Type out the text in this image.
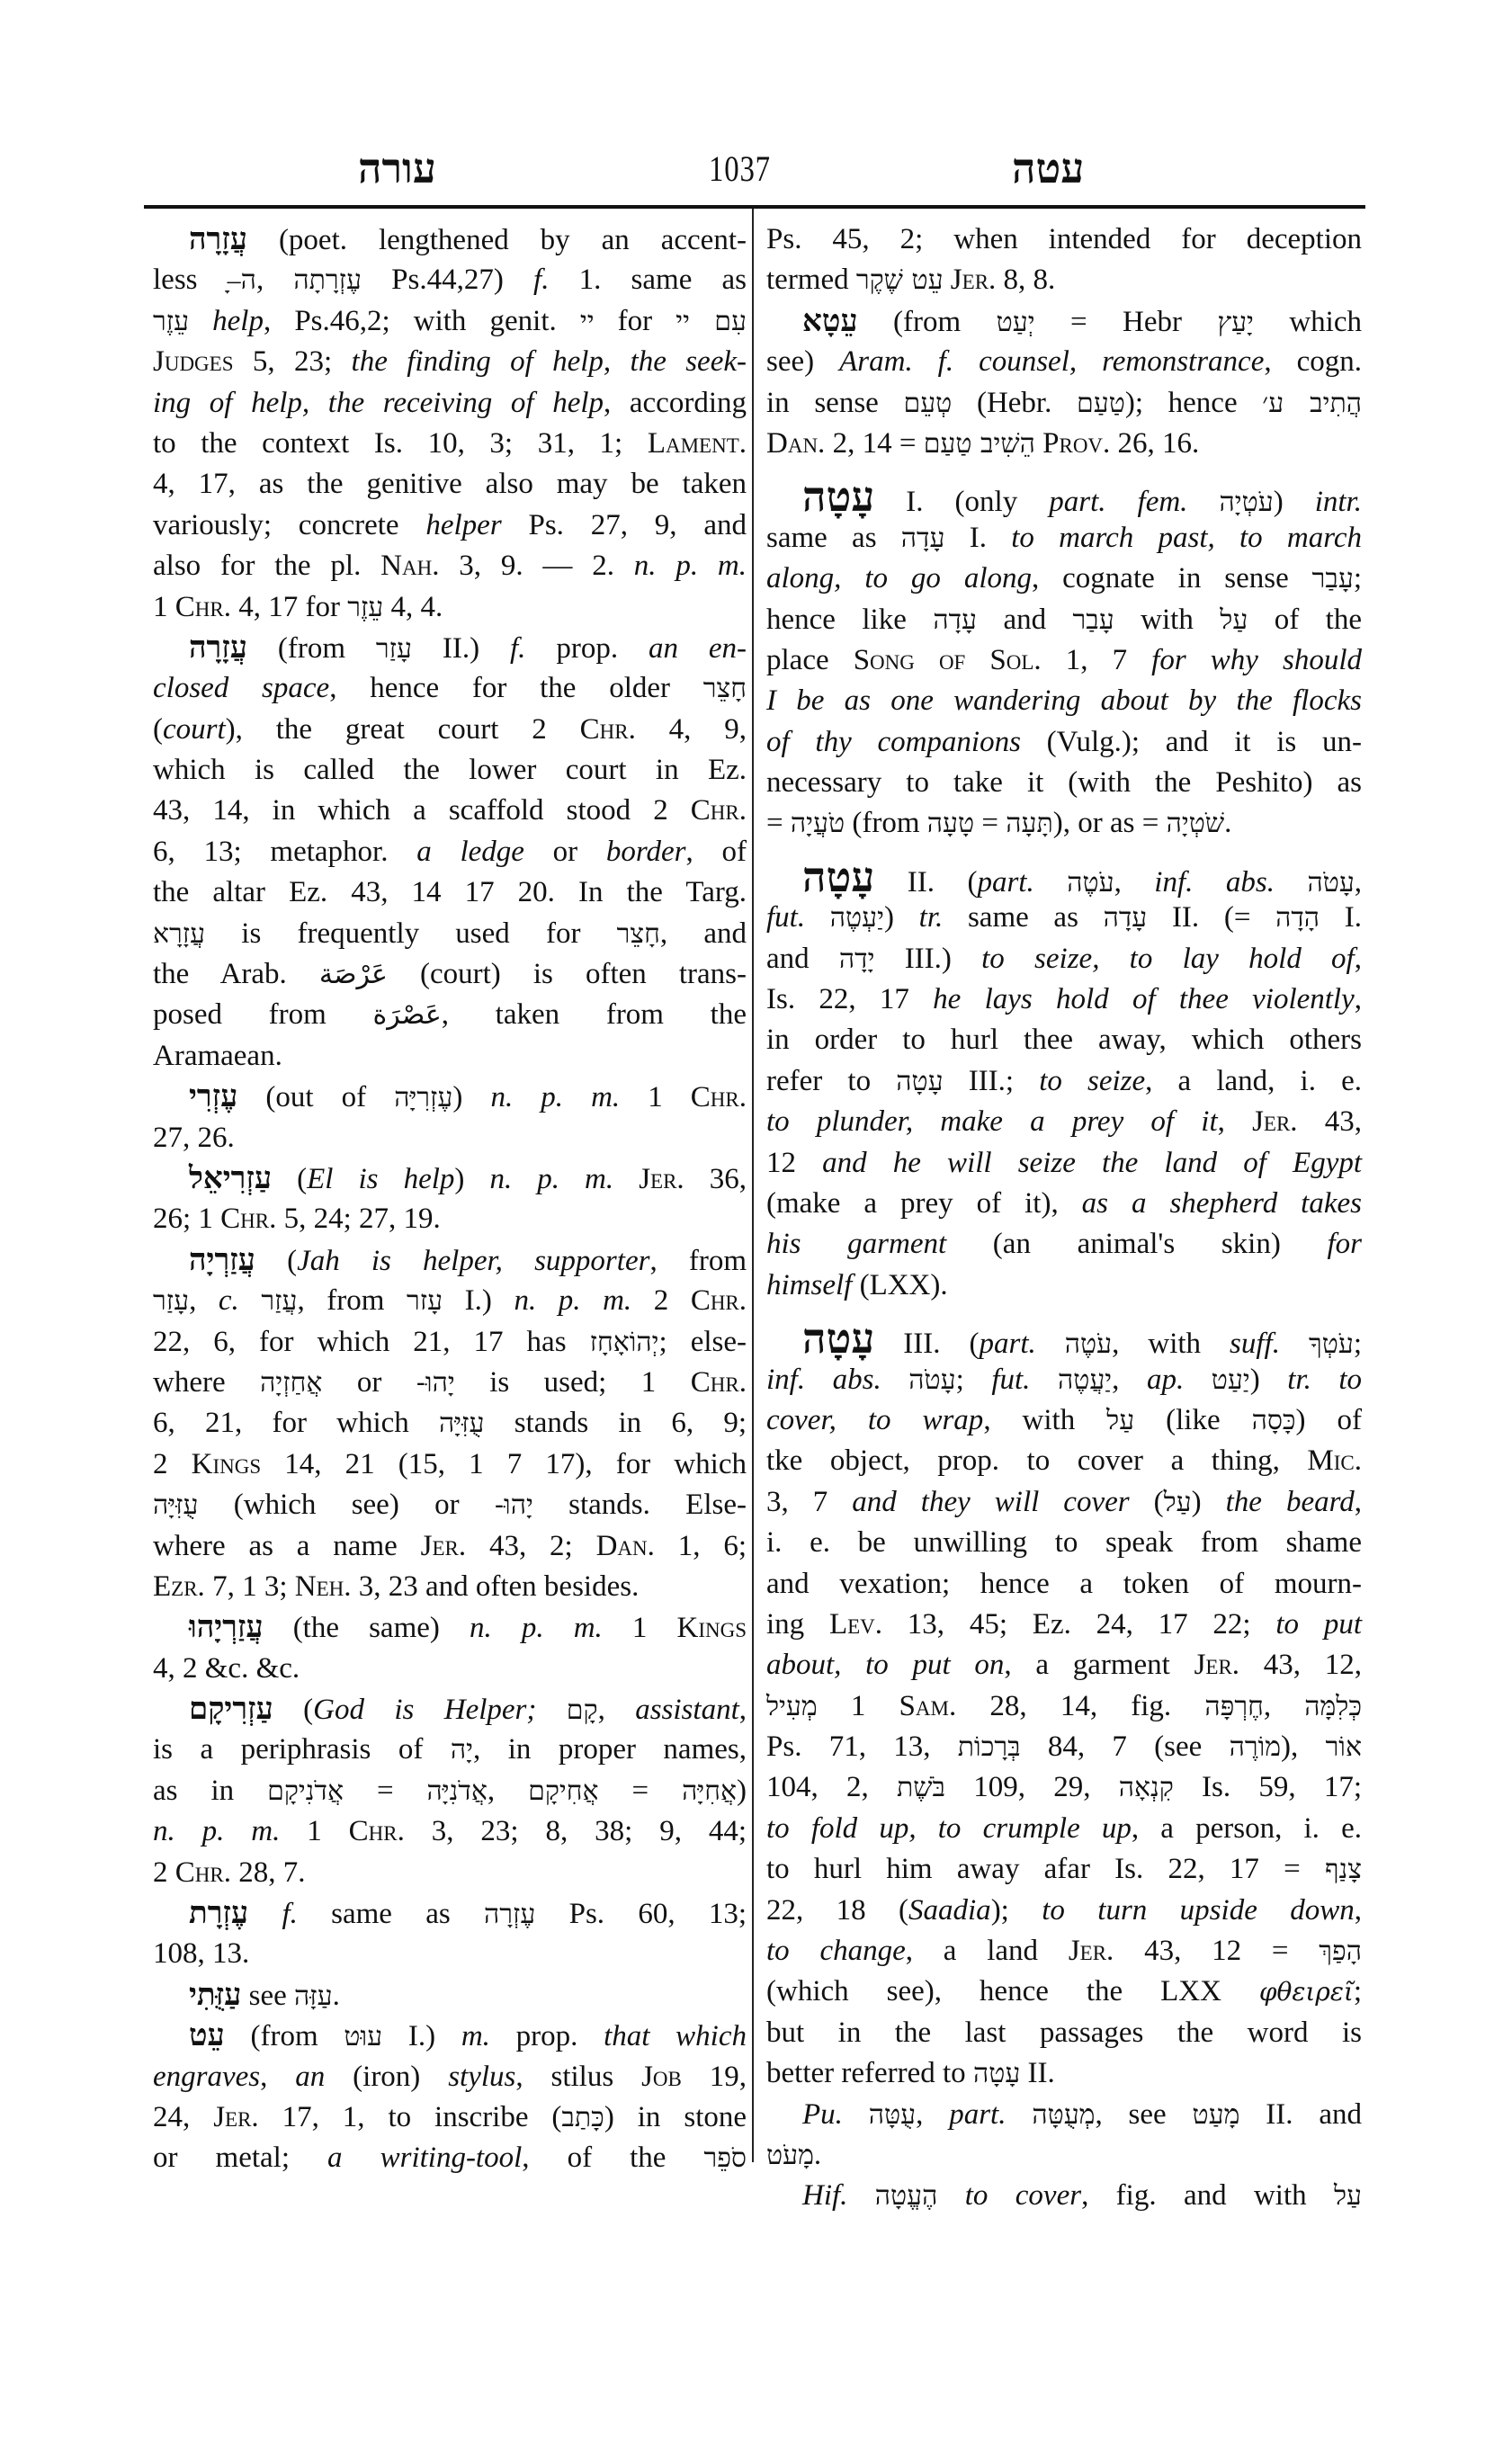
עורה	1037	עטה
עֲזָרָה (poet. lengthened by an accent-
less ה–ָ, עֶזְרָתָה Ps.44,27) f. 1. same as
עֵזֶר help, Ps.46,2; with genit. יי for עִם יי
Judges 5, 23; the finding of help, the seek-
ing of help, the receiving of help, according
to the context Is. 10, 3; 31, 1; Lament.
4, 17, as the genitive also may be taken
variously; concrete helper Ps. 27, 9, and
also for the pl. Nah. 3, 9. — 2. n. p. m.
1 Chr. 4, 17 for עֵזֶר 4, 4.
עֲזָרָה (from עָזַר II.) f. prop. an en-
closed space, hence for the older חָצֵר
(court), the great court 2 Chr. 4, 9,
which is called the lower court in Ez.
43, 14, in which a scaffold stood 2 Chr.
6, 13; metaphor. a ledge or border, of
the altar Ez. 43, 14 17 20. In the Targ.
עֲזָרָא is frequently used for חָצֵר, and
the Arab. عَرْصَة (court) is often trans-
posed from عَصْرَة, taken from the
Aramaean.
עֶזְרִי (out of עֶזְרִיָּה) n. p. m. 1 Chr.
27, 26.
עַזְרִיאֵל (El is help) n. p. m. Jer. 36,
26; 1 Chr. 5, 24; 27, 19.
עֲזַרְיָה (Jah is helper, supporter, from
עָזַר, c. עֲזַר, from עָזר I.) n. p. m. 2 Chr.
22, 6, for which 21, 17 has יְהוֹאָחָז; else-
where אֲחַזְיָה or יָהוּ- is used; 1 Chr.
6, 21, for which עֻזִּיָּה stands in 6, 9;
2 Kings 14, 21 (15, 1 7 17), for which
עֻזִּיָּה (which see) or יָהוּ- stands. Else-
where as a name Jer. 43, 2; Dan. 1, 6;
Ezr. 7, 1 3; Neh. 3, 23 and often besides.
עֲזַרְיָהוּ (the same) n. p. m. 1 Kings
4, 2 &c. &c.
עַזְרִיקָם (God is Helper; קָם, assistant,
is a periphrasis of יָה, in proper names,
as in אֲדֹנִיקָם = אֲדֹנִיָּה, אֲחִיקָם = אֲחִיָּה)
n. p. m. 1 Chr. 3, 23; 8, 38; 9, 44;
2 Chr. 28, 7.
עֶזְרָת f. same as עֶזְרָה Ps. 60, 13;
108, 13.
עַזֻּתִי see עַזָּה.
עֵט (from עוּט I.) m. prop. that which
engraves, an (iron) stylus, stilus Job 19,
24, Jer. 17, 1, to inscribe (כָּתַב) in stone
or metal; a writing-tool, of the סֹפֵר
Ps. 45, 2; when intended for deception
termed עֵט שֶׁקֶר Jer. 8, 8.
עֵטָא (from יְעַט = Hebr יָעַץ which
see) Aram. f. counsel, remonstrance, cogn.
in sense טְעֵם (Hebr. טַעַם); hence הֲתִיב ע׳
Dan. 2, 14 = הֵשִׁיב טַעַם Prov. 26, 16.
עָטָה I. (only part. fem. עֹטְיָה) intr.
same as עָדָה I. to march past, to march
along, to go along, cognate in sense עָבַר;
hence like עָדָה and עָבַר with עַל of the
place Song of Sol. 1, 7 for why should
I be as one wandering about by the flocks
of thy companions (Vulg.); and it is un-
necessary to take it (with the Peshito) as
= טֹעֲיָה (from טָעָה = תָּעָה), or as = שֹׁטְיָה.
עָטָה II. (part. עֹטֶה, inf. abs. עָטֹה,
fut. יַעְטֶה) tr. same as עָדָה II. (= הָדָה I.
and יָדָה III.) to seize, to lay hold of,
Is. 22, 17 he lays hold of thee violently,
in order to hurl thee away, which others
refer to עָטָה III.; to seize, a land, i. e.
to plunder, make a prey of it, Jer. 43,
12 and he will seize the land of Egypt
(make a prey of it), as a shepherd takes
his garment (an animal's skin) for
himself (LXX).
עָטָה III. (part. עֹטֶה, with suff. עֹטְךָ;
inf. abs. עָטֹה; fut. יַעֲטֶה, ap. יַעַט) tr. to
cover, to wrap, with עַל (like כָּסָה) of
tke object, prop. to cover a thing, Mic.
3, 7 and they will cover (עַל) the beard,
i. e. be unwilling to speak from shame
and vexation; hence a token of mourn-
ing Lev. 13, 45; Ez. 24, 17 22; to put
about, to put on, a garment Jer. 43, 12,
מְעִיל 1 Sam. 28, 14, fig. חֶרְפָּה, כְּלִמָּה
Ps. 71, 13, בְּרָכוֹת 84, 7 (see מוֹרֶה), אוֹר
104, 2, בֹּשֶׁת 109, 29, קִנְאָה Is. 59, 17;
to fold up, to crumple up, a person, i. e.
to hurl him away afar Is. 22, 17 = צָנַף
22, 18 (Saadia); to turn upside down,
to change, a land Jer. 43, 12 = הָפַךְ
(which see), hence the LXX φθειρεῖ;
but in the last passages the word is
better referred to עָטָה II.
Pu. עֻטָּה, part. מְעֻטָּה, see מָעַט II. and
מָעֹט.
Hif. הֶעֱטָה to cover, fig. and with עַל
